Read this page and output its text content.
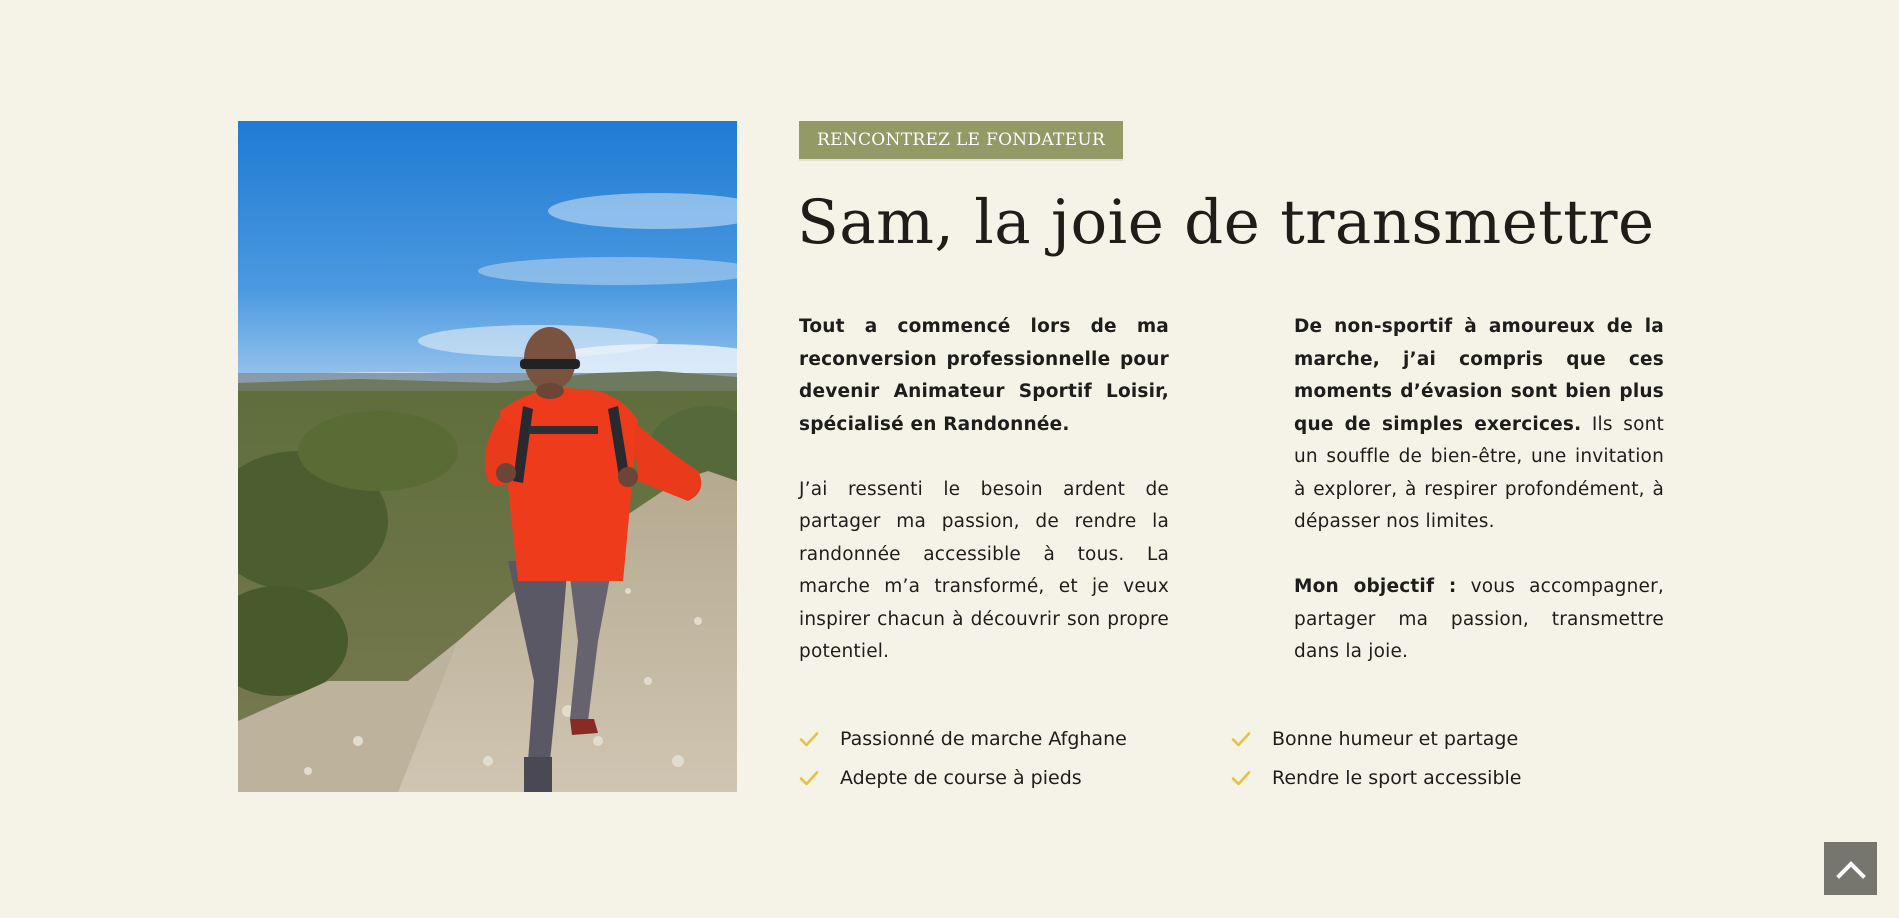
RENCONTREZ LE FONDATEUR
Sam, la joie de transmettre

Tout a commencé lors de ma reconversion professionnelle pour devenir Animateur Sportif Loisir, spécialisé en Randonnée.

J’ai ressenti le besoin ardent de partager ma passion, de rendre la randonnée accessible à tous. La marche m’a transformé, et je veux inspirer chacun à découvrir son propre potentiel.

De non-sportif à amoureux de la marche, j’ai compris que ces moments d’évasion sont bien plus que de simples exercices. Ils sont un souffle de bien-être, une invitation à explorer, à respirer profondément, à dépasser nos limites.

Mon objectif : vous accompagner, partager ma passion, transmettre dans la joie.

Passionné de marche Afghane
Adepte de course à pieds
Bonne humeur et partage
Rendre le sport accessible
